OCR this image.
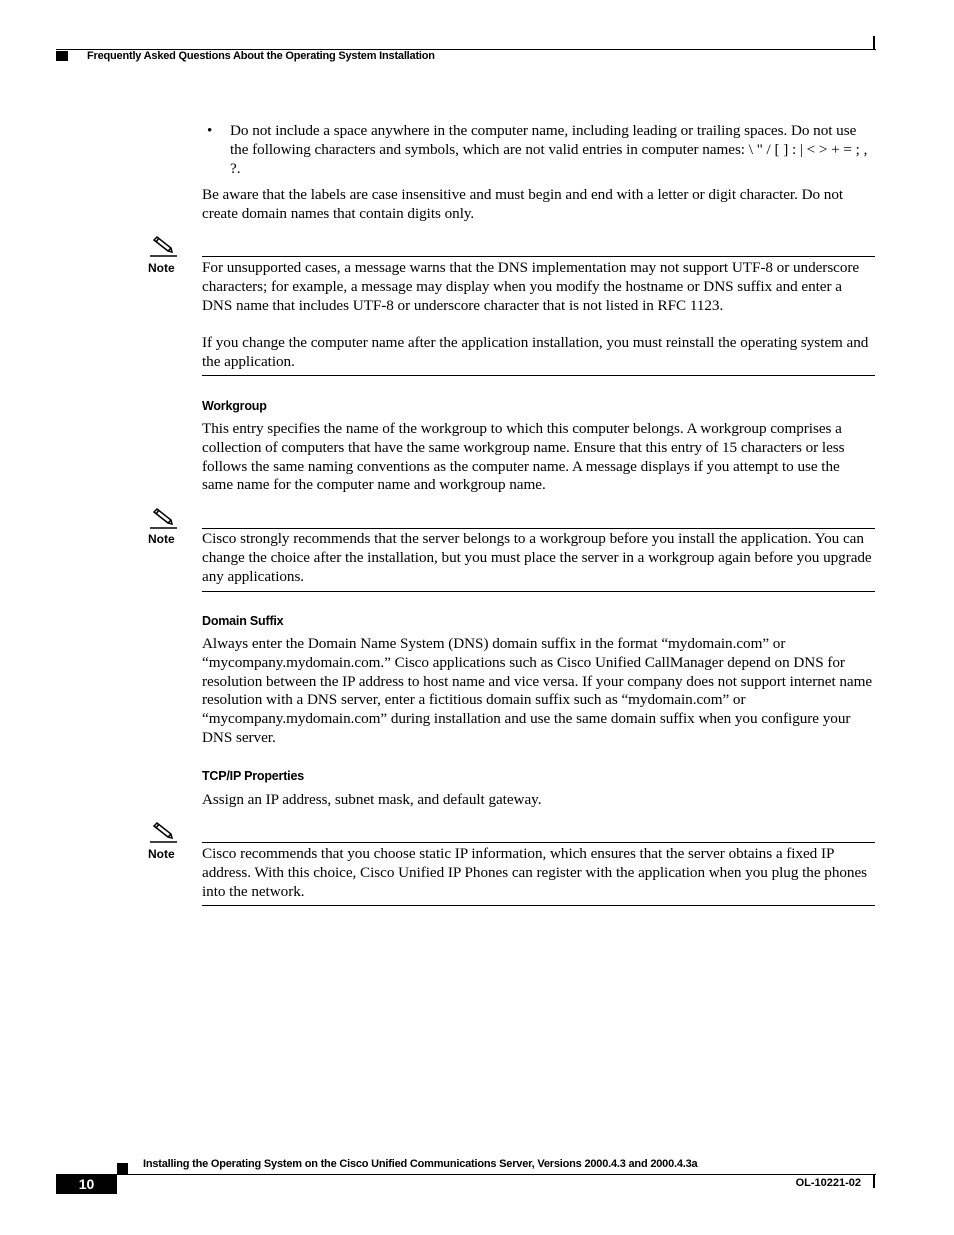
Frequently Asked Questions About the Operating System Installation
• Do not include a space anywhere in the computer name, including leading or trailing spaces. Do not use the following characters and symbols, which are not valid entries in computer names: \ " / [ ] : | < > + = ; , ?.
Be aware that the labels are case insensitive and must begin and end with a letter or digit character. Do not create domain names that contain digits only.
Note For unsupported cases, a message warns that the DNS implementation may not support UTF-8 or underscore characters; for example, a message may display when you modify the hostname or DNS suffix and enter a DNS name that includes UTF-8 or underscore character that is not listed in RFC 1123.
If you change the computer name after the application installation, you must reinstall the operating system and the application.
Workgroup
This entry specifies the name of the workgroup to which this computer belongs. A workgroup comprises a collection of computers that have the same workgroup name. Ensure that this entry of 15 characters or less follows the same naming conventions as the computer name. A message displays if you attempt to use the same name for the computer name and workgroup name.
Note Cisco strongly recommends that the server belongs to a workgroup before you install the application. You can change the choice after the installation, but you must place the server in a workgroup again before you upgrade any applications.
Domain Suffix
Always enter the Domain Name System (DNS) domain suffix in the format “mydomain.com” or “mycompany.mydomain.com.” Cisco applications such as Cisco Unified CallManager depend on DNS for resolution between the IP address to host name and vice versa. If your company does not support internet name resolution with a DNS server, enter a fictitious domain suffix such as “mydomain.com” or “mycompany.mydomain.com” during installation and use the same domain suffix when you configure your DNS server.
TCP/IP Properties
Assign an IP address, subnet mask, and default gateway.
Note Cisco recommends that you choose static IP information, which ensures that the server obtains a fixed IP address. With this choice, Cisco Unified IP Phones can register with the application when you plug the phones into the network.
Installing the Operating System on the Cisco Unified Communications Server, Versions 2000.4.3 and 2000.4.3a
10	OL-10221-02
